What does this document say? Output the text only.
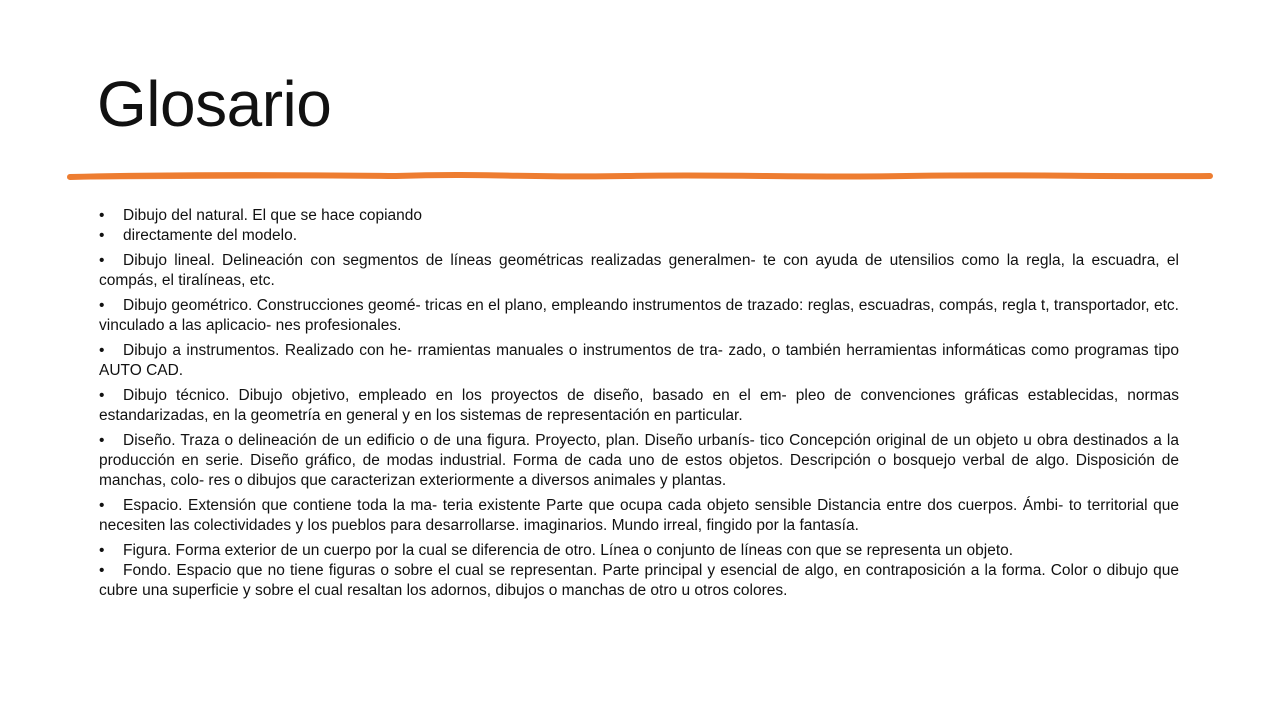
Glosario
• Dibujo del natural. El que se hace copiando
• directamente del modelo.
• Dibujo lineal. Delineación con segmentos de líneas geométricas realizadas generalmen- te con ayuda de utensilios como la regla, la escuadra, el compás, el tiralíneas, etc.
• Dibujo geométrico. Construcciones geomé- tricas en el plano, empleando instrumentos de trazado: reglas, escuadras, compás, regla t, transportador, etc. vinculado a las aplicacio- nes profesionales.
• Dibujo a instrumentos. Realizado con he- rramientas manuales o instrumentos de tra- zado, o también herramientas informáticas como programas tipo AUTO CAD.
• Dibujo técnico. Dibujo objetivo, empleado en los proyectos de diseño, basado en el em- pleo de convenciones gráficas establecidas, normas estandarizadas, en la geometría en general y en los sistemas de representación en particular.
• Diseño. Traza o delineación de un edificio o de una figura. Proyecto, plan. Diseño urbanís- tico Concepción original de un objeto u obra destinados a la producción en serie. Diseño gráfico, de modas industrial. Forma de cada uno de estos objetos. Descripción o bosquejo verbal de algo. Disposición de manchas, colo- res o dibujos que caracterizan exteriormente a diversos animales y plantas.
• Espacio. Extensión que contiene toda la ma- teria existente Parte que ocupa cada objeto sensible Distancia entre dos cuerpos. Ámbi- to territorial que necesiten las colectividades y los pueblos para desarrollarse. imaginarios. Mundo irreal, fingido por la fantasía.
• Figura. Forma exterior de un cuerpo por la cual se diferencia de otro. Línea o conjunto de líneas con que se representa un objeto.
• Fondo. Espacio que no tiene figuras o sobre el cual se representan. Parte principal y esencial de algo, en contraposición a la forma. Color o dibujo que cubre una superficie y sobre el cual resaltan los adornos, dibujos o manchas de otro u otros colores.
